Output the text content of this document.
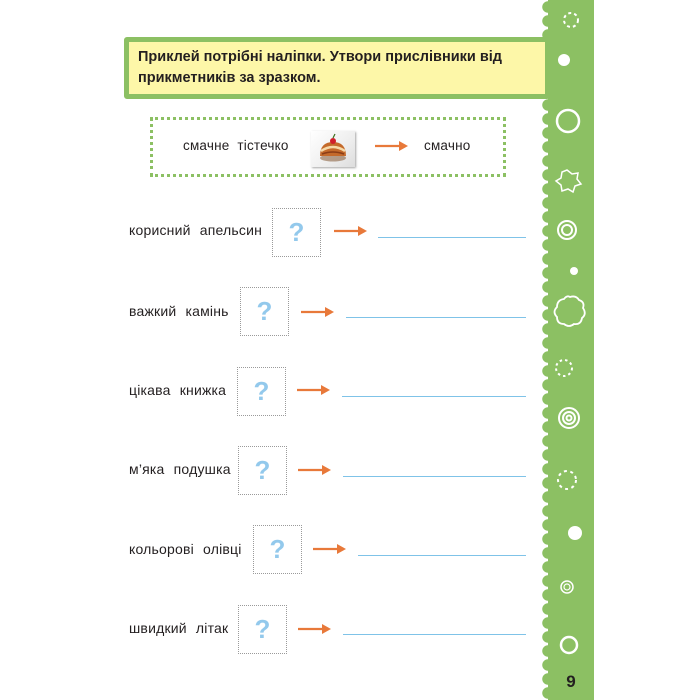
9
Приклей потрібні наліпки. Утвори прислівники від
прикметників за зразком.
смачне тістечко	смачно
корисний апельсин ?
важкий камінь ?
цікава книжка ?
м’яка подушка ?
кольорові олівці ?
швидкий літак ?
